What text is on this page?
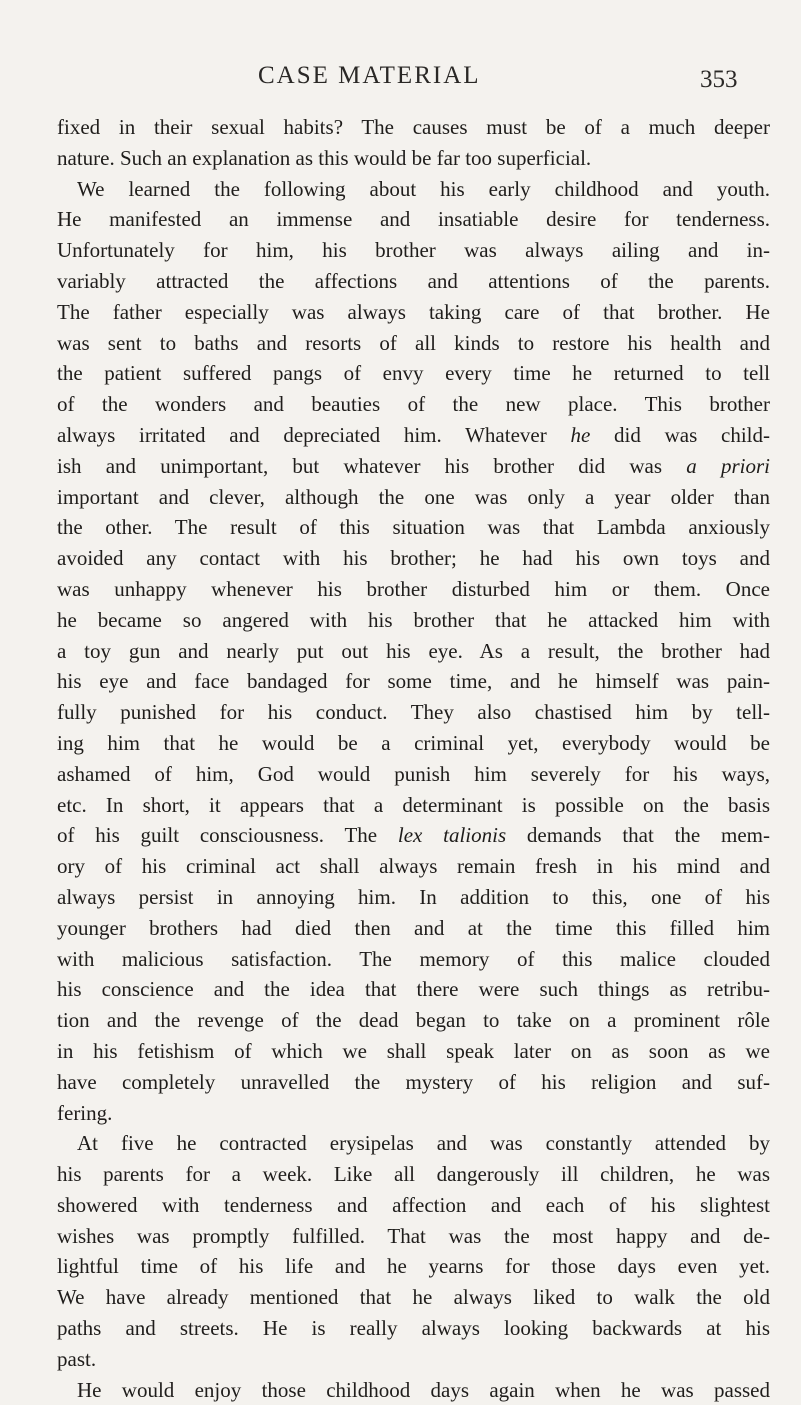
CASE MATERIAL	353
fixed in their sexual habits? The causes must be of a much deeper
nature. Such an explanation as this would be far too superficial.
We learned the following about his early childhood and youth.
He manifested an immense and insatiable desire for tenderness.
Unfortunately for him, his brother was always ailing and in-
variably attracted the affections and attentions of the parents.
The father especially was always taking care of that brother. He
was sent to baths and resorts of all kinds to restore his health and
the patient suffered pangs of envy every time he returned to tell
of the wonders and beauties of the new place. This brother
always irritated and depreciated him. Whatever he did was child-
ish and unimportant, but whatever his brother did was a priori
important and clever, although the one was only a year older than
the other. The result of this situation was that Lambda anxiously
avoided any contact with his brother; he had his own toys and
was unhappy whenever his brother disturbed him or them. Once
he became so angered with his brother that he attacked him with
a toy gun and nearly put out his eye. As a result, the brother had
his eye and face bandaged for some time, and he himself was pain-
fully punished for his conduct. They also chastised him by tell-
ing him that he would be a criminal yet, everybody would be
ashamed of him, God would punish him severely for his ways,
etc. In short, it appears that a determinant is possible on the basis
of his guilt consciousness. The lex talionis demands that the mem-
ory of his criminal act shall always remain fresh in his mind and
always persist in annoying him. In addition to this, one of his
younger brothers had died then and at the time this filled him
with malicious satisfaction. The memory of this malice clouded
his conscience and the idea that there were such things as retribu-
tion and the revenge of the dead began to take on a prominent rôle
in his fetishism of which we shall speak later on as soon as we
have completely unravelled the mystery of his religion and suf-
fering.
At five he contracted erysipelas and was constantly attended by
his parents for a week. Like all dangerously ill children, he was
showered with tenderness and affection and each of his slightest
wishes was promptly fulfilled. That was the most happy and de-
lightful time of his life and he yearns for those days even yet.
We have already mentioned that he always liked to walk the old
paths and streets. He is really always looking backwards at his
past.
He would enjoy those childhood days again when he was passed
